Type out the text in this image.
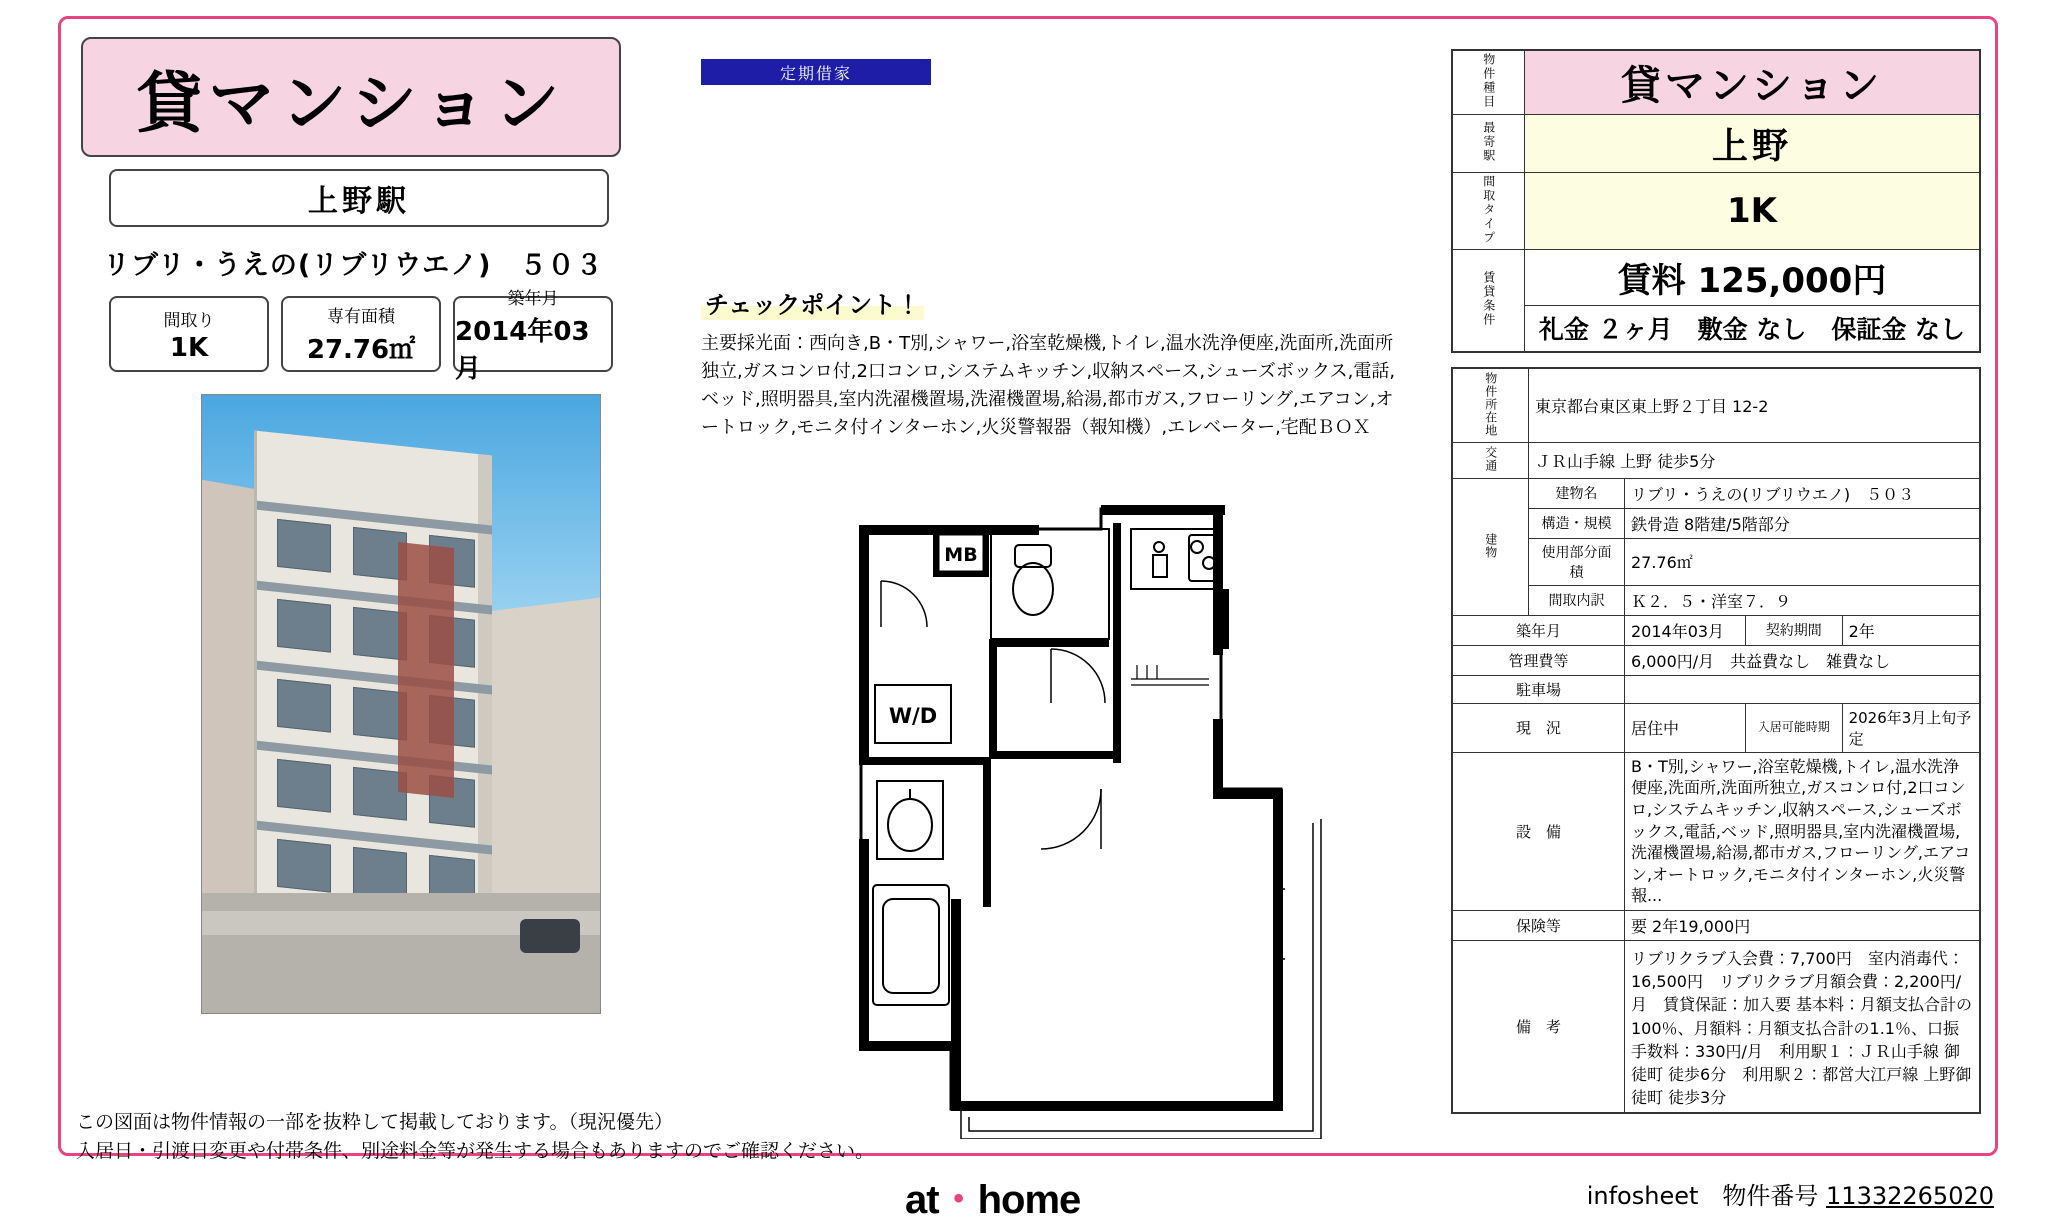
貸マンション
上野駅
リブリ・うえの(リブリウエノ)　５０３
間取り
1K
専有面積
27.76㎡
築年月
2014年03月
定期借家
チェックポイント！
主要採光面：西向き,B・T別,シャワー,浴室乾燥機,トイレ,温水洗浄便座,洗面所,洗面所独立,ガスコンロ付,2口コンロ,システムキッチン,収納スペース,シューズボックス,電話,ベッド,照明器具,室内洗濯機置場,洗濯機置場,給湯,都市ガス,フローリング,エアコン,オートロック,モニタ付インターホン,火災警報器（報知機）,エレベーター,宅配ＢＯＸ
MB
W/D
物件種目	貸マンション
最寄駅	上野
間取タイプ	1K
賃貸条件	賃料 125,000円
	礼金 ２ヶ月　敷金 なし　保証金 なし
物件所在地	東京都台東区東上野２丁目 12-2
交通	ＪＲ山手線 上野 徒歩5分
建物	建物名	リブリ・うえの(リブリウエノ)　５０３
構造・規模	鉄骨造 8階建/5階部分
使用部分面積	27.76㎡
間取内訳	Ｋ２．５・洋室７．９
築年月	2014年03月		契約期間	2年

管理費等	6,000円/月　共益費なし　雑費なし
駐車場	
現　況	居住中		入居可能時期	2026年3月上旬予定

設　備	B・T別,シャワー,浴室乾燥機,トイレ,温水洗浄便座,洗面所,洗面所独立,ガスコンロ付,2口コンロ,システムキッチン,収納スペース,シューズボックス,電話,ベッド,照明器具,室内洗濯機置場,洗濯機置場,給湯,都市ガス,フローリング,エアコン,オートロック,モニタ付インターホン,火災警報...
保険等	要 2年19,000円
備　考	リブリクラブ入会費：7,700円　室内消毒代：16,500円　リブリクラブ月額会費：2,200円/月　賃貸保証：加入要 基本料：月額支払合計の100％、月額料：月額支払合計の1.1％、口振手数料：330円/月　利用駅１：ＪＲ山手線 御徒町 徒歩6分　利用駅２：都営大江戸線 上野御徒町 徒歩3分
この図面は物件情報の一部を抜粋して掲載しております。（現況優先）
入居日・引渡日変更や付帯条件、別途料金等が発生する場合もありますのでご確認ください。
at・home	infosheet　物件番号 11332265020
